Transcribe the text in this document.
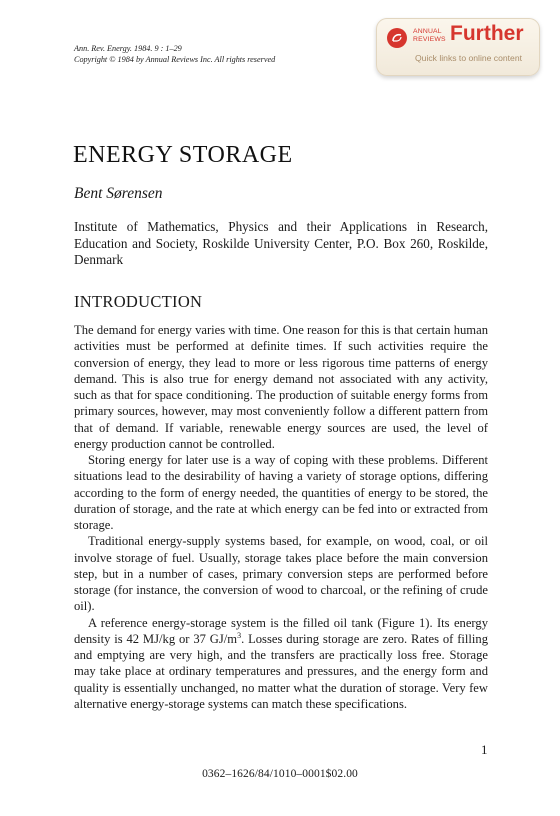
Ann. Rev. Energy. 1984. 9 : 1–29
Copyright © 1984 by Annual Reviews Inc. All rights reserved
ANNUAL
REVIEWS Further
Quick links to online content
ENERGY STORAGE
Bent Sørensen
Institute of Mathematics, Physics and their Applications in Research, Education and Society, Roskilde University Center, P.O. Box 260, Roskilde, Denmark
INTRODUCTION

The demand for energy varies with time. One reason for this is that certain human activities must be performed at definite times. If such activities require the conversion of energy, they lead to more or less rigorous time patterns of energy demand. This is also true for energy demand not associated with any activity, such as that for space conditioning. The production of suitable energy forms from primary sources, however, may most conveniently follow a different pattern from that of demand. If variable, renewable energy sources are used, the level of energy production cannot be controlled.

Storing energy for later use is a way of coping with these problems. Different situations lead to the desirability of having a variety of storage options, differing according to the form of energy needed, the quantities of energy to be stored, the duration of storage, and the rate at which energy can be fed into or extracted from storage.

Traditional energy-supply systems based, for example, on wood, coal, or oil involve storage of fuel. Usually, storage takes place before the main conversion step, but in a number of cases, primary conversion steps are performed before storage (for instance, the conversion of wood to charcoal, or the refining of crude oil).

A reference energy-storage system is the filled oil tank (Figure 1). Its energy density is 42 MJ/kg or 37 $GJ/m^3$. Losses during storage are zero. Rates of filling and emptying are very high, and the transfers are practically loss free. Storage may take place at ordinary temperatures and pressures, and the energy form and quality is essentially unchanged, no matter what the duration of storage. Very few alternative energy-storage systems can match these specifications.

1
0362–1626/84/1010–0001$02.00
